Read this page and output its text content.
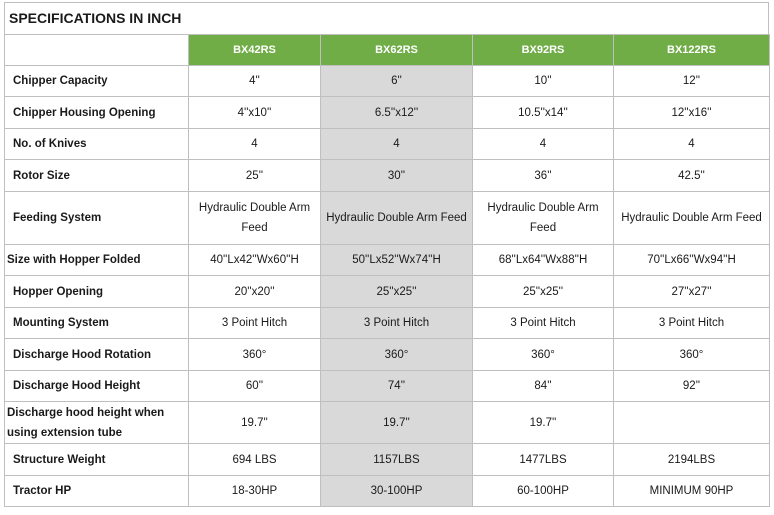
SPECIFICATIONS IN INCH
	BX42RS	BX62RS	BX92RS	BX122RS
Chipper Capacity	4''	6''	10''	12''
Chipper Housing Opening	4''x10''	6.5''x12''	10.5''x14''	12''x16''
No. of Knives	4	4	4	4
Rotor Size	25''	30''	36''	42.5''
Feeding System	Hydraulic Double Arm Feed	Hydraulic Double Arm Feed	Hydraulic Double Arm Feed	Hydraulic Double Arm Feed
Size with Hopper Folded	40''Lx42''Wx60''H	50''Lx52''Wx74''H	68''Lx64''Wx88''H	70''Lx66''Wx94''H
Hopper Opening	20''x20''	25''x25''	25''x25''	27''x27''
Mounting System	3 Point Hitch	3 Point Hitch	3 Point Hitch	3 Point Hitch
Discharge Hood Rotation	360°	360°	360°	360°
Discharge Hood Height	60''	74''	84''	92''
Discharge hood height when using extension tube	19.7''	19.7''	19.7''	
Structure Weight	694 LBS	1157LBS	1477LBS	2194LBS
Tractor HP	18-30HP	30-100HP	60-100HP	MINIMUM 90HP
